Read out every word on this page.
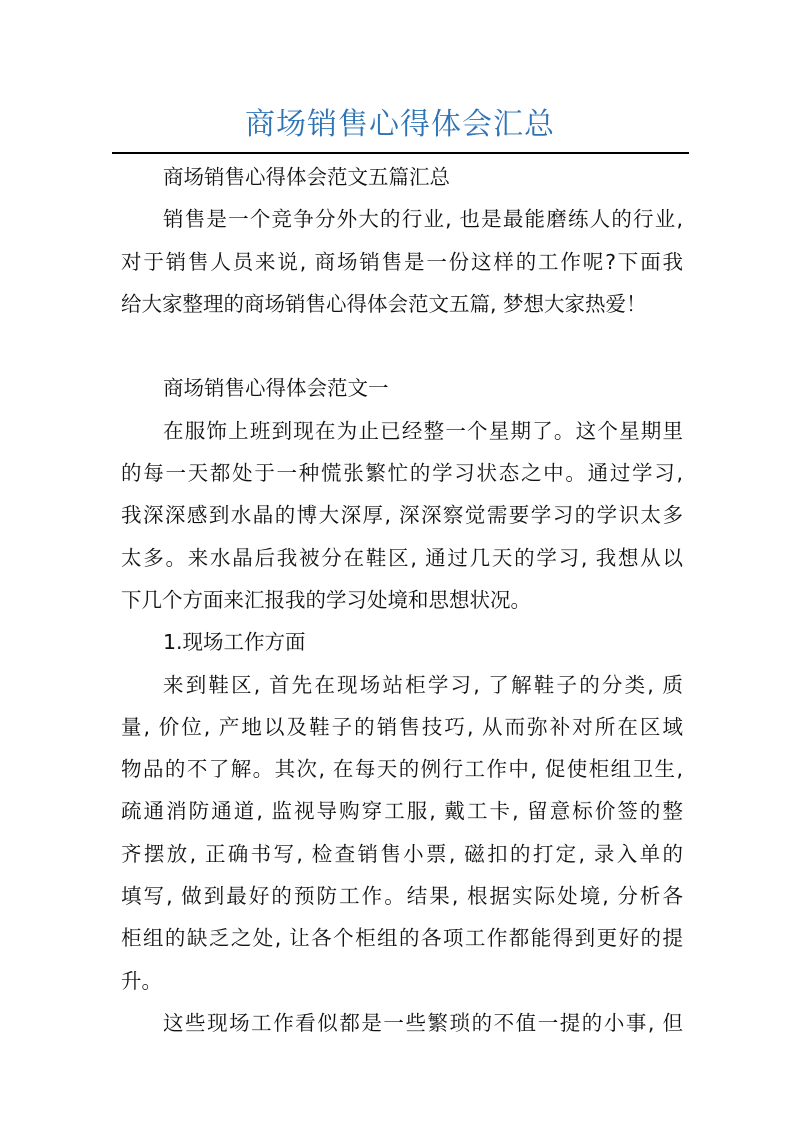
商场销售心得体会汇总
商场销售心得体会范文五篇汇总
销售是一个竞争分外大的行业, 也是最能磨练人的行业,
对于销售人员来说, 商场销售是一份这样的工作呢?下面我
给大家整理的商场销售心得体会范文五篇, 梦想大家热爱！
商场销售心得体会范文一
在服饰上班到现在为止已经整一个星期了。这个星期里
的每一天都处于一种慌张繁忙的学习状态之中。通过学习,
我深深感到水晶的博大深厚, 深深察觉需要学习的学识太多
太多。来水晶后我被分在鞋区, 通过几天的学习, 我想从以
下几个方面来汇报我的学习处境和思想状况。
1.现场工作方面
来到鞋区, 首先在现场站柜学习, 了解鞋子的分类, 质
量, 价位, 产地以及鞋子的销售技巧, 从而弥补对所在区域
物品的不了解。其次, 在每天的例行工作中, 促使柜组卫生,
疏通消防通道, 监视导购穿工服, 戴工卡, 留意标价签的整
齐摆放, 正确书写, 检查销售小票, 磁扣的打定, 录入单的
填写, 做到最好的预防工作。结果, 根据实际处境, 分析各
柜组的缺乏之处, 让各个柜组的各项工作都能得到更好的提
升。
这些现场工作看似都是一些繁琐的不值一提的小事, 但
